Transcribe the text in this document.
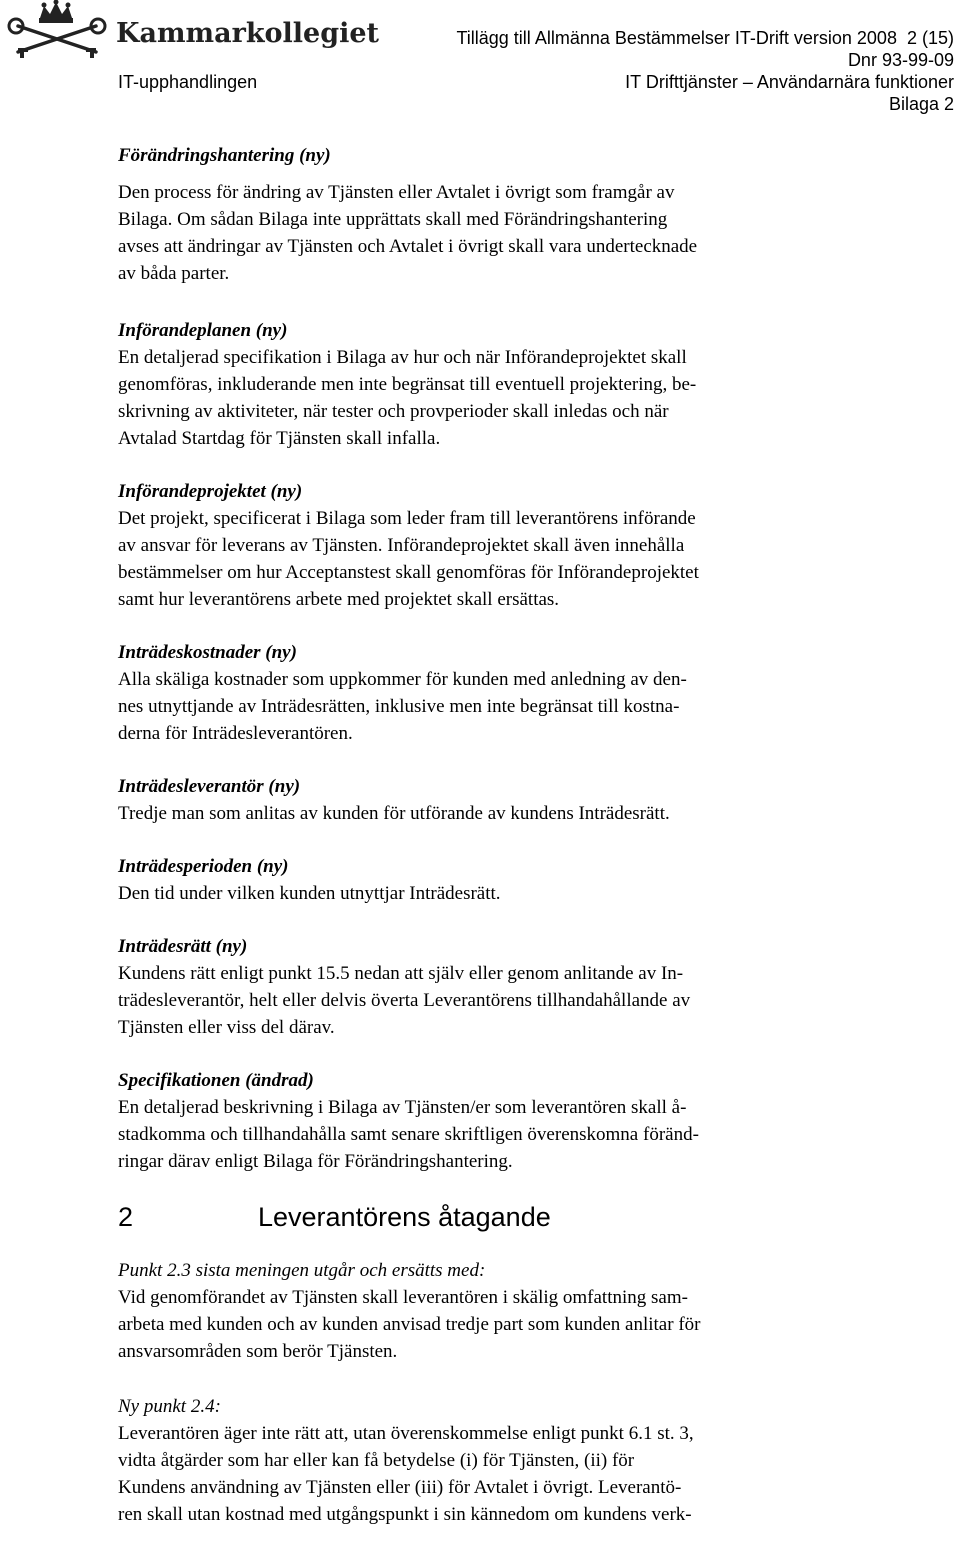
Kammarkollegiet	Tillägg till Allmänna Bestämmelser IT-Drift version 2008 2 (15)
Dnr 93-99-09
IT-upphandlingen	IT Drifttjänster – Användarnära funktioner
Bilaga 2

Förändringshantering (ny)

Den process för ändring av Tjänsten eller Avtalet i övrigt som framgår av
Bilaga. Om sådan Bilaga inte upprättats skall med Förändringshantering
avses att ändringar av Tjänsten och Avtalet i övrigt skall vara undertecknade
av båda parter.

Införandeplanen (ny)

En detaljerad specifikation i Bilaga av hur och när Införandeprojektet skall
genomföras, inkluderande men inte begränsat till eventuell projektering, be-
skrivning av aktiviteter, när tester och provperioder skall inledas och när
Avtalad Startdag för Tjänsten skall infalla.

Införandeprojektet (ny)

Det projekt, specificerat i Bilaga som leder fram till leverantörens införande
av ansvar för leverans av Tjänsten. Införandeprojektet skall även innehålla
bestämmelser om hur Acceptanstest skall genomföras för Införandeprojektet
samt hur leverantörens arbete med projektet skall ersättas.

Inträdeskostnader (ny)

Alla skäliga kostnader som uppkommer för kunden med anledning av den-
nes utnyttjande av Inträdesrätten, inklusive men inte begränsat till kostna-
derna för Inträdesleverantören.

Inträdesleverantör (ny)

Tredje man som anlitas av kunden för utförande av kundens Inträdesrätt.

Inträdesperioden (ny)

Den tid under vilken kunden utnyttjar Inträdesrätt.

Inträdesrätt (ny)

Kundens rätt enligt punkt 15.5 nedan att själv eller genom anlitande av In-
trädesleverantör, helt eller delvis överta Leverantörens tillhandahållande av
Tjänsten eller viss del därav.

Specifikationen (ändrad)

En detaljerad beskrivning i Bilaga av Tjänsten/er som leverantören skall å-
stadkomma och tillhandahålla samt senare skriftligen överenskomna föränd-
ringar därav enligt Bilaga för Förändringshantering.

2	Leverantörens åtagande

Punkt 2.3 sista meningen utgår och ersätts med:

Vid genomförandet av Tjänsten skall leverantören i skälig omfattning sam-
arbeta med kunden och av kunden anvisad tredje part som kunden anlitar för
ansvarsområden som berör Tjänsten.

Ny punkt 2.4:

Leverantören äger inte rätt att, utan överenskommelse enligt punkt 6.1 st. 3,
vidta åtgärder som har eller kan få betydelse (i) för Tjänsten, (ii) för
Kundens användning av Tjänsten eller (iii) för Avtalet i övrigt. Leverantö-
ren skall utan kostnad med utgångspunkt i sin kännedom om kundens verk-
